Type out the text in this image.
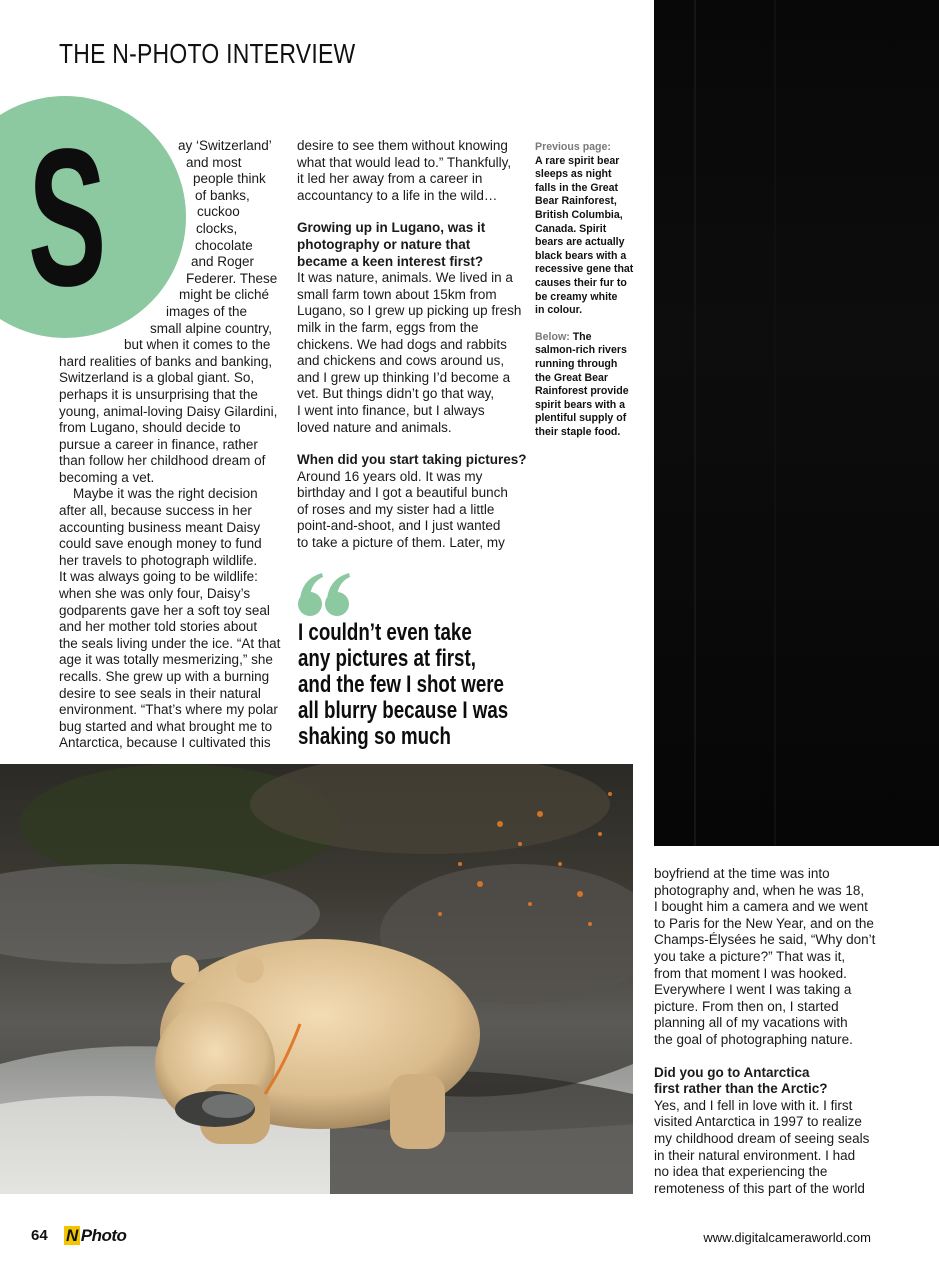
THE N-PHOTO INTERVIEW
S	ay ‘Switzerland’
and most
people think
of banks,
cuckoo
clocks,
chocolate
and Roger
Federer. These
might be cliché
images of the
small alpine country,
but when it comes to the
hard realities of banks and banking,
Switzerland is a global giant. So,
perhaps it is unsurprising that the
young, animal-loving Daisy Gilardini,
from Lugano, should decide to
pursue a career in finance, rather
than follow her childhood dream of
becoming a vet.
Maybe it was the right decision
after all, because success in her
accounting business meant Daisy
could save enough money to fund
her travels to photograph wildlife.
It was always going to be wildlife:
when she was only four, Daisy’s
godparents gave her a soft toy seal
and her mother told stories about
the seals living under the ice. “At that
age it was totally mesmerizing,” she
recalls. She grew up with a burning
desire to see seals in their natural
environment. “That’s where my polar
bug started and what brought me to
Antarctica, because I cultivated this
desire to see them without knowing
what that would lead to.” Thankfully,
it led her away from a career in
accountancy to a life in the wild…
Growing up in Lugano, was it
photography or nature that
became a keen interest first?
It was nature, animals. We lived in a
small farm town about 15km from
Lugano, so I grew up picking up fresh
milk in the farm, eggs from the
chickens. We had dogs and rabbits
and chickens and cows around us,
and I grew up thinking I’d become a
vet. But things didn’t go that way,
I went into finance, but I always
loved nature and animals.
When did you start taking pictures?
Around 16 years old. It was my
birthday and I got a beautiful bunch
of roses and my sister had a little
point-and-shoot, and I just wanted
to take a picture of them. Later, my
I couldn’t even take
any pictures at first,
and the few I shot were
all blurry because I was
shaking so much
Previous page:
A rare spirit bear
sleeps as night
falls in the Great
Bear Rainforest,
British Columbia,
Canada. Spirit
bears are actually
black bears with a
recessive gene that
causes their fur to
be creamy white
in colour.
Below: The
salmon-rich rivers
running through
the Great Bear
Rainforest provide
spirit bears with a
plentiful supply of
their staple food.
boyfriend at the time was into
photography and, when he was 18,
I bought him a camera and we went
to Paris for the New Year, and on the
Champs-Élysées he said, “Why don’t
you take a picture?” That was it,
from that moment I was hooked.
Everywhere I went I was taking a
picture. From then on, I started
planning all of my vacations with
the goal of photographing nature.
Did you go to Antarctica
first rather than the Arctic?
Yes, and I fell in love with it. I first
visited Antarctica in 1997 to realize
my childhood dream of seeing seals
in their natural environment. I had
no idea that experiencing the
remoteness of this part of the world
64 N Photo	www.digitalcameraworld.com
